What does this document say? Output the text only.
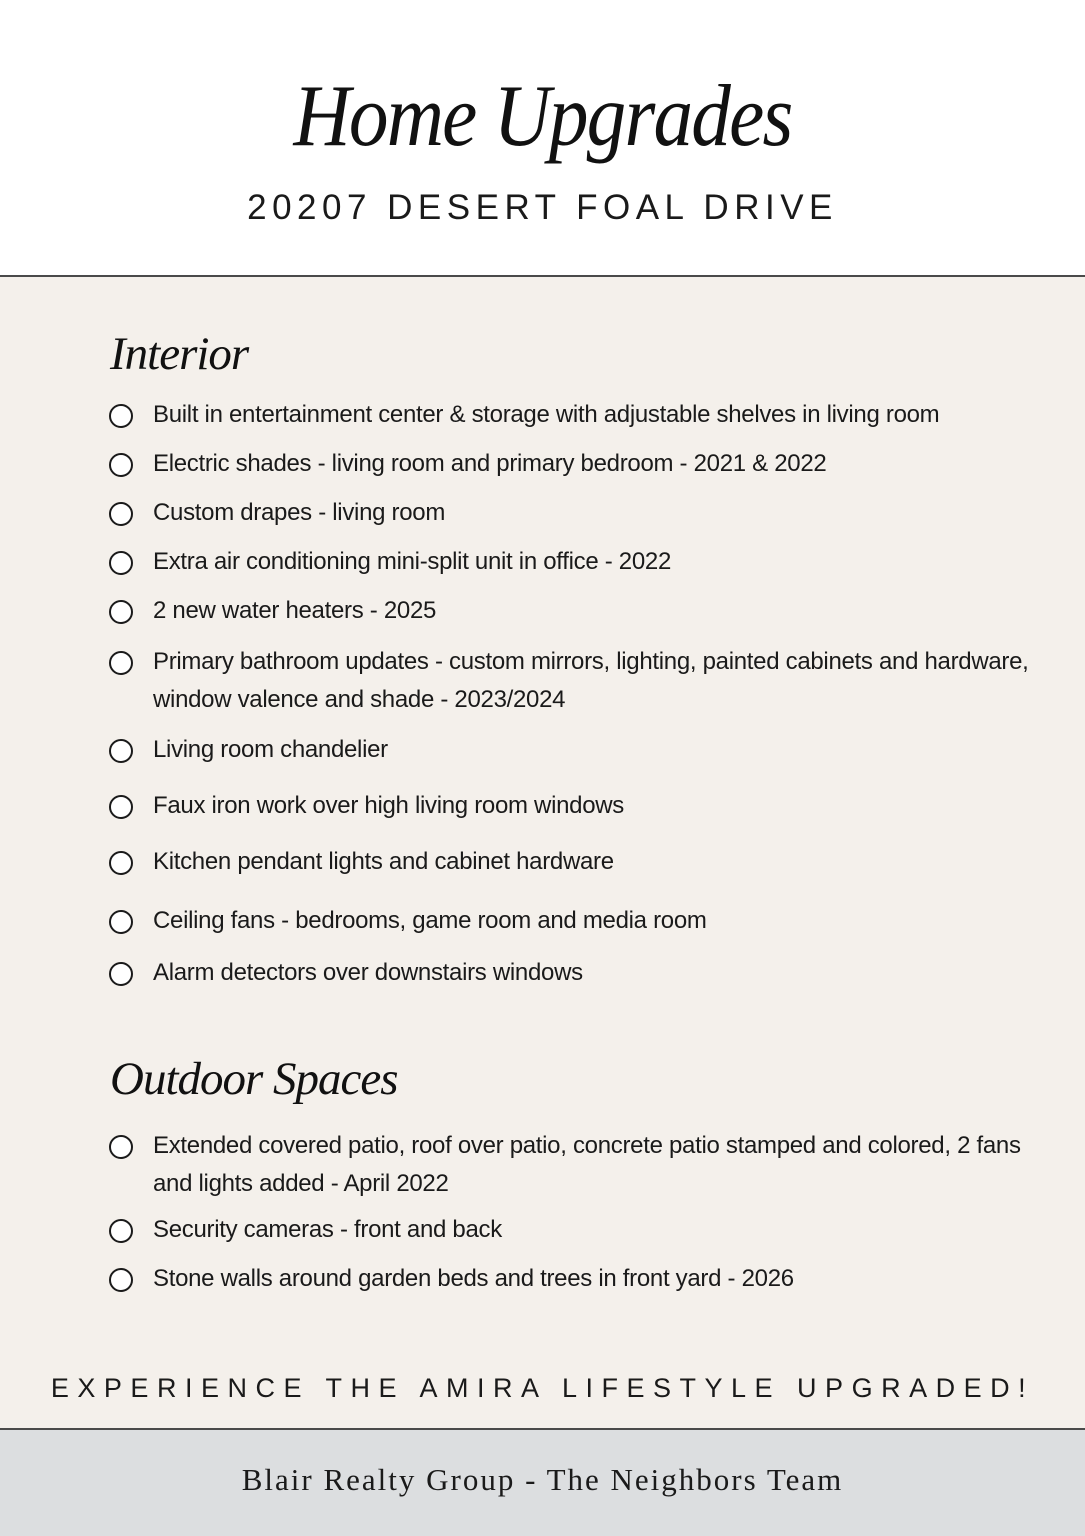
Home Upgrades
20207 DESERT FOAL DRIVE
Interior
Built in entertainment center & storage with adjustable shelves in living room
Electric shades - living room and primary bedroom - 2021 & 2022
Custom drapes - living room
Extra air conditioning mini-split unit in office - 2022
2 new water heaters - 2025
Primary bathroom updates - custom mirrors, lighting, painted cabinets and hardware, window valence and shade - 2023/2024
Living room chandelier
Faux iron work over high living room windows
Kitchen pendant lights and cabinet hardware
Ceiling fans - bedrooms, game room and media room
Alarm detectors over downstairs windows
Outdoor Spaces
Extended covered patio, roof over patio, concrete patio stamped and colored, 2 fans and lights added - April 2022
Security cameras - front and back
Stone walls around garden beds and trees in front yard - 2026
EXPERIENCE THE AMIRA LIFESTYLE UPGRADED!
Blair Realty Group - The Neighbors Team
